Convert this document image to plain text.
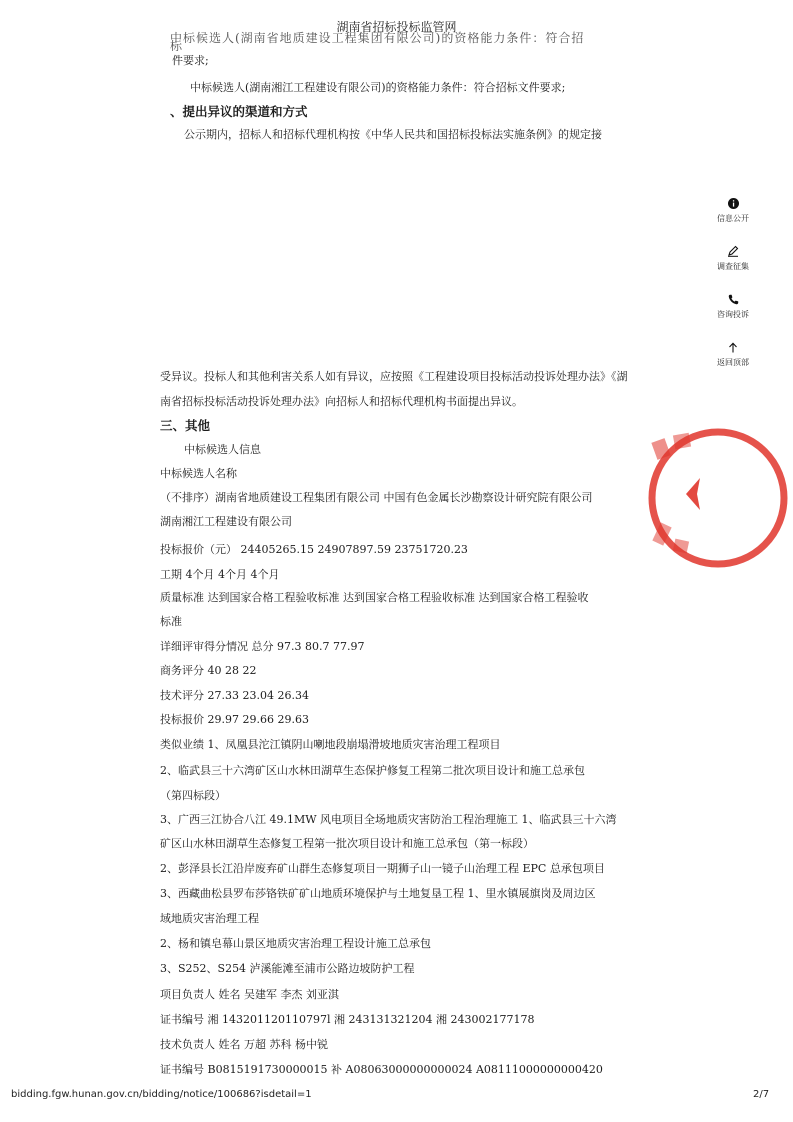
湖南省招标投标监管网
中标候选人(湖南省地质建设工程集团有限公司)的资格能力条件：符合招标
件要求;
中标候选人(湖南湘江工程建设有限公司)的资格能力条件：符合招标文件要求;
、提出异议的渠道和方式
公示期内，招标人和招标代理机构按《中华人民共和国招标投标法实施条例》的规定接
受异议。投标人和其他利害关系人如有异议，应按照《工程建设项目投标活动投诉处理办法》《湖
南省招标投标活动投诉处理办法》向招标人和招标代理机构书面提出异议。
三、其他
中标候选人信息
中标候选人名称
（不排序）湖南省地质建设工程集团有限公司 中国有色金属长沙勘察设计研究院有限公司
湖南湘江工程建设有限公司
投标报价（元） 24405265.15 24907897.59 23751720.23
工期 4个月 4个月 4个月
质量标准 达到国家合格工程验收标准 达到国家合格工程验收标准 达到国家合格工程验收
标准
详细评审得分情况 总分 97.3 80.7 77.97
商务评分 40 28 22
技术评分 27.33 23.04 26.34
投标报价 29.97 29.66 29.63
类似业绩 1、凤凰县沱江镇阴山喇地段崩塌滑坡地质灾害治理工程项目
2、临武县三十六湾矿区山水林田湖草生态保护修复工程第二批次项目设计和施工总承包
（第四标段）
3、广西三江协合八江 49.1MW 风电项目全场地质灾害防治工程治理施工 1、临武县三十六湾
矿区山水林田湖草生态修复工程第一批次项目设计和施工总承包（第一标段）
2、彭泽县长江沿岸废弃矿山群生态修复项目一期狮子山一镜子山治理工程 EPC 总承包项目
3、西藏曲松县罗布莎铬铁矿矿山地质环境保护与土地复垦工程 1、里水镇展旗岗及周边区
域地质灾害治理工程
2、杨和镇皂幕山景区地质灾害治理工程设计施工总承包
3、S252、S254 泸溪能滩至浦市公路边坡防护工程
项目负责人 姓名 吴建军 李杰 刘亚淇
证书编号 湘 143201120110797l 湘 243131321204 湘 243002177178
技术负责人 姓名 万超 苏科 杨中锐
证书编号 B0815191730000015 补 A08063000000000024 A08111000000000420
信息公开
调查征集
咨询投诉
返回顶部
bidding.fgw.hunan.gov.cn/bidding/notice/100686?isdetail=1	2/7
